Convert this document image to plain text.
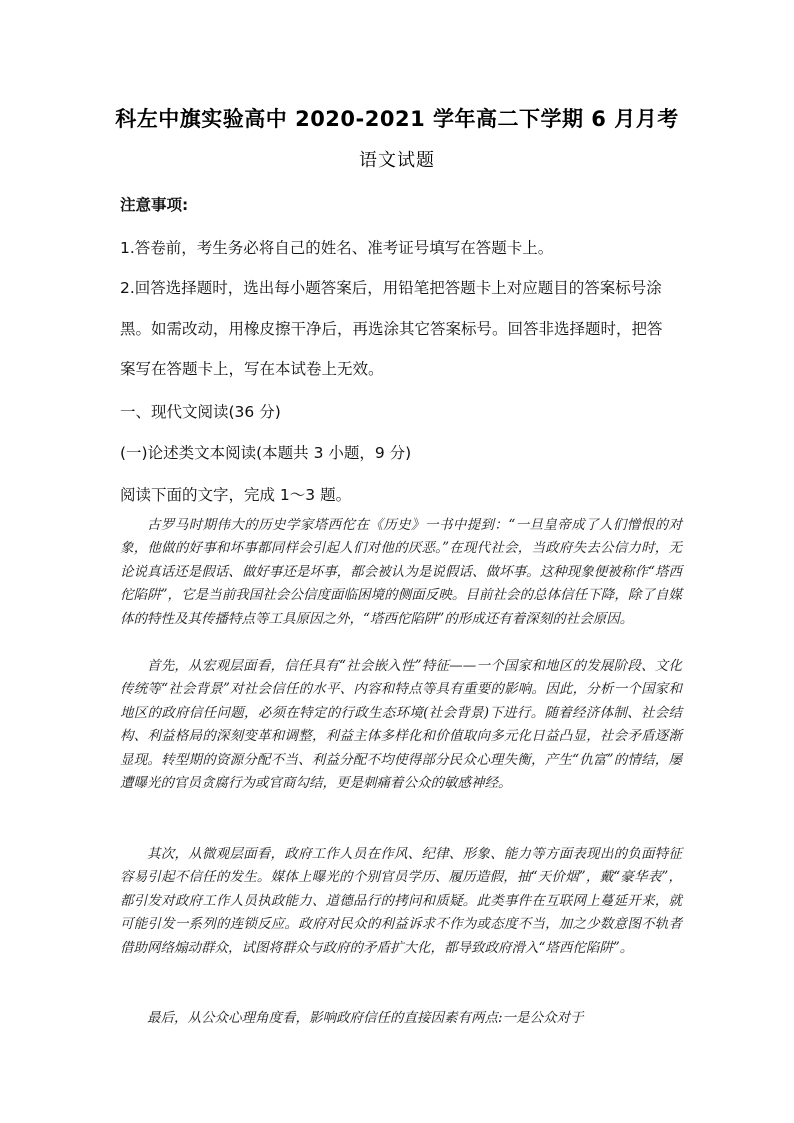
科左中旗实验高中 2020-2021 学年高二下学期 6 月月考
语文试题

注意事项:

1.答卷前，考生务必将自己的姓名、准考证号填写在答题卡上。

2.回答选择题时，选出每小题答案后，用铅笔把答题卡上对应题目的答案标号涂

黑。如需改动，用橡皮擦干净后，再选涂其它答案标号。回答非选择题时，把答

案写在答题卡上，写在本试卷上无效。

一、现代文阅读(36 分)

(一)论述类文本阅读(本题共 3 小题，9 分)

阅读下面的文字，完成 1～3 题。

古罗马时期伟大的历史学家塔西佗在《历史》一书中提到：“一旦皇帝成了人们憎恨的对象，他做的好事和坏事都同样会引起人们对他的厌恶。”在现代社会，当政府失去公信力时，无论说真话还是假话、做好事还是坏事，都会被认为是说假话、做坏事。这种现象便被称作“塔西佗陷阱”，它是当前我国社会公信度面临困境的侧面反映。目前社会的总体信任下降，除了自媒体的特性及其传播特点等工具原因之外，“塔西佗陷阱”的形成还有着深刻的社会原因。

首先，从宏观层面看，信任具有“社会嵌入性”特征——一个国家和地区的发展阶段、文化传统等“社会背景”对社会信任的水平、内容和特点等具有重要的影响。因此，分析一个国家和地区的政府信任问题，必须在特定的行政生态环境(社会背景)下进行。随着经济体制、社会结构、利益格局的深刻变革和调整，利益主体多样化和价值取向多元化日益凸显，社会矛盾逐渐显现。转型期的资源分配不当、利益分配不均使得部分民众心理失衡，产生“仇富”的情结，屡遭曝光的官员贪腐行为或官商勾结，更是刺痛着公众的敏感神经。

其次，从微观层面看，政府工作人员在作风、纪律、形象、能力等方面表现出的负面特征容易引起不信任的发生。媒体上曝光的个别官员学历、履历造假，抽“天价烟”，戴“豪华表”，都引发对政府工作人员执政能力、道德品行的拷问和质疑。此类事件在互联网上蔓延开来，就可能引发一系列的连锁反应。政府对民众的利益诉求不作为或态度不当，加之少数意图不轨者借助网络煽动群众，试图将群众与政府的矛盾扩大化，都导致政府滑入“塔西佗陷阱”。

最后，从公众心理角度看，影响政府信任的直接因素有两点:一是公众对于
